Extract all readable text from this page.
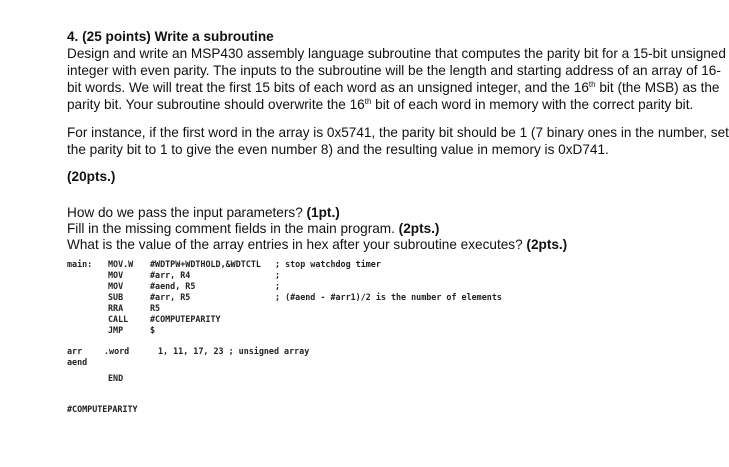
4. (25 points) Write a subroutine
Design and write an MSP430 assembly language subroutine that computes the parity bit for a 15-bit unsigned
integer with even parity. The inputs to the subroutine will be the length and starting address of an array of 16-
bit words. We will treat the first 15 bits of each word as an unsigned integer, and the 16th bit (the MSB) as the
parity bit. Your subroutine should overwrite the 16th bit of each word in memory with the correct parity bit.
For instance, if the first word in the array is 0x5741, the parity bit should be 1 (7 binary ones in the number, set
the parity bit to 1 to give the even number 8) and the resulting value in memory is 0xD741.
(20pts.)
How do we pass the input parameters? (1pt.)
Fill in the missing comment fields in the main program. (2pts.)
What is the value of the array entries in hex after your subroutine executes? (2pts.)
main: MOV.W #WDTPW+WDTHOLD,&WDTCTL ; stop watchdog timer
MOV	#arr, R4	;
MOV	#aend, R5	;
SUB	#arr, R5	; (#aend - #arr1)/2 is the number of elements
RRA	R5
CALL	#COMPUTEPARITY
JMP	$
arr	.word	1, 11, 17, 23 ; unsigned array
aend
END
#COMPUTEPARITY
